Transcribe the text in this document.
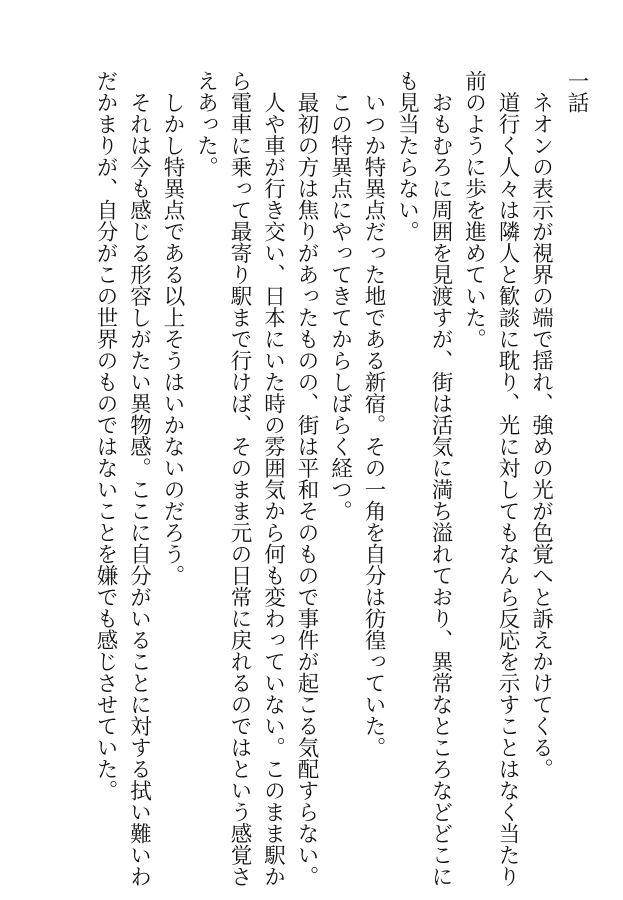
一話
　ネオンの表示が視界の端で揺れ、強めの光が色覚へと訴えかけてくる。
　道行く人々は隣人と歓談に耽り、光に対してもなんら反応を示すことはなく当たり
前のように歩を進めていた。
　おもむろに周囲を見渡すが、街は活気に満ち溢れており、異常なところなどどこに
も見当たらない。
　いつか特異点だった地である新宿。その一角を自分は彷徨っていた。
　この特異点にやってきてからしばらく経つ。
　最初の方は焦りがあったものの、街は平和そのもので事件が起こる気配すらない。
　人や車が行き交い、日本にいた時の雰囲気から何も変わっていない。このまま駅か
ら電車に乗って最寄り駅まで行けば、そのまま元の日常に戻れるのではという感覚さ
えあった。
　しかし特異点である以上そうはいかないのだろう。
　それは今も感じる形容しがたい異物感。ここに自分がいることに対する拭い難いわ
だかまりが、自分がこの世界のものではないことを嫌でも感じさせていた。
